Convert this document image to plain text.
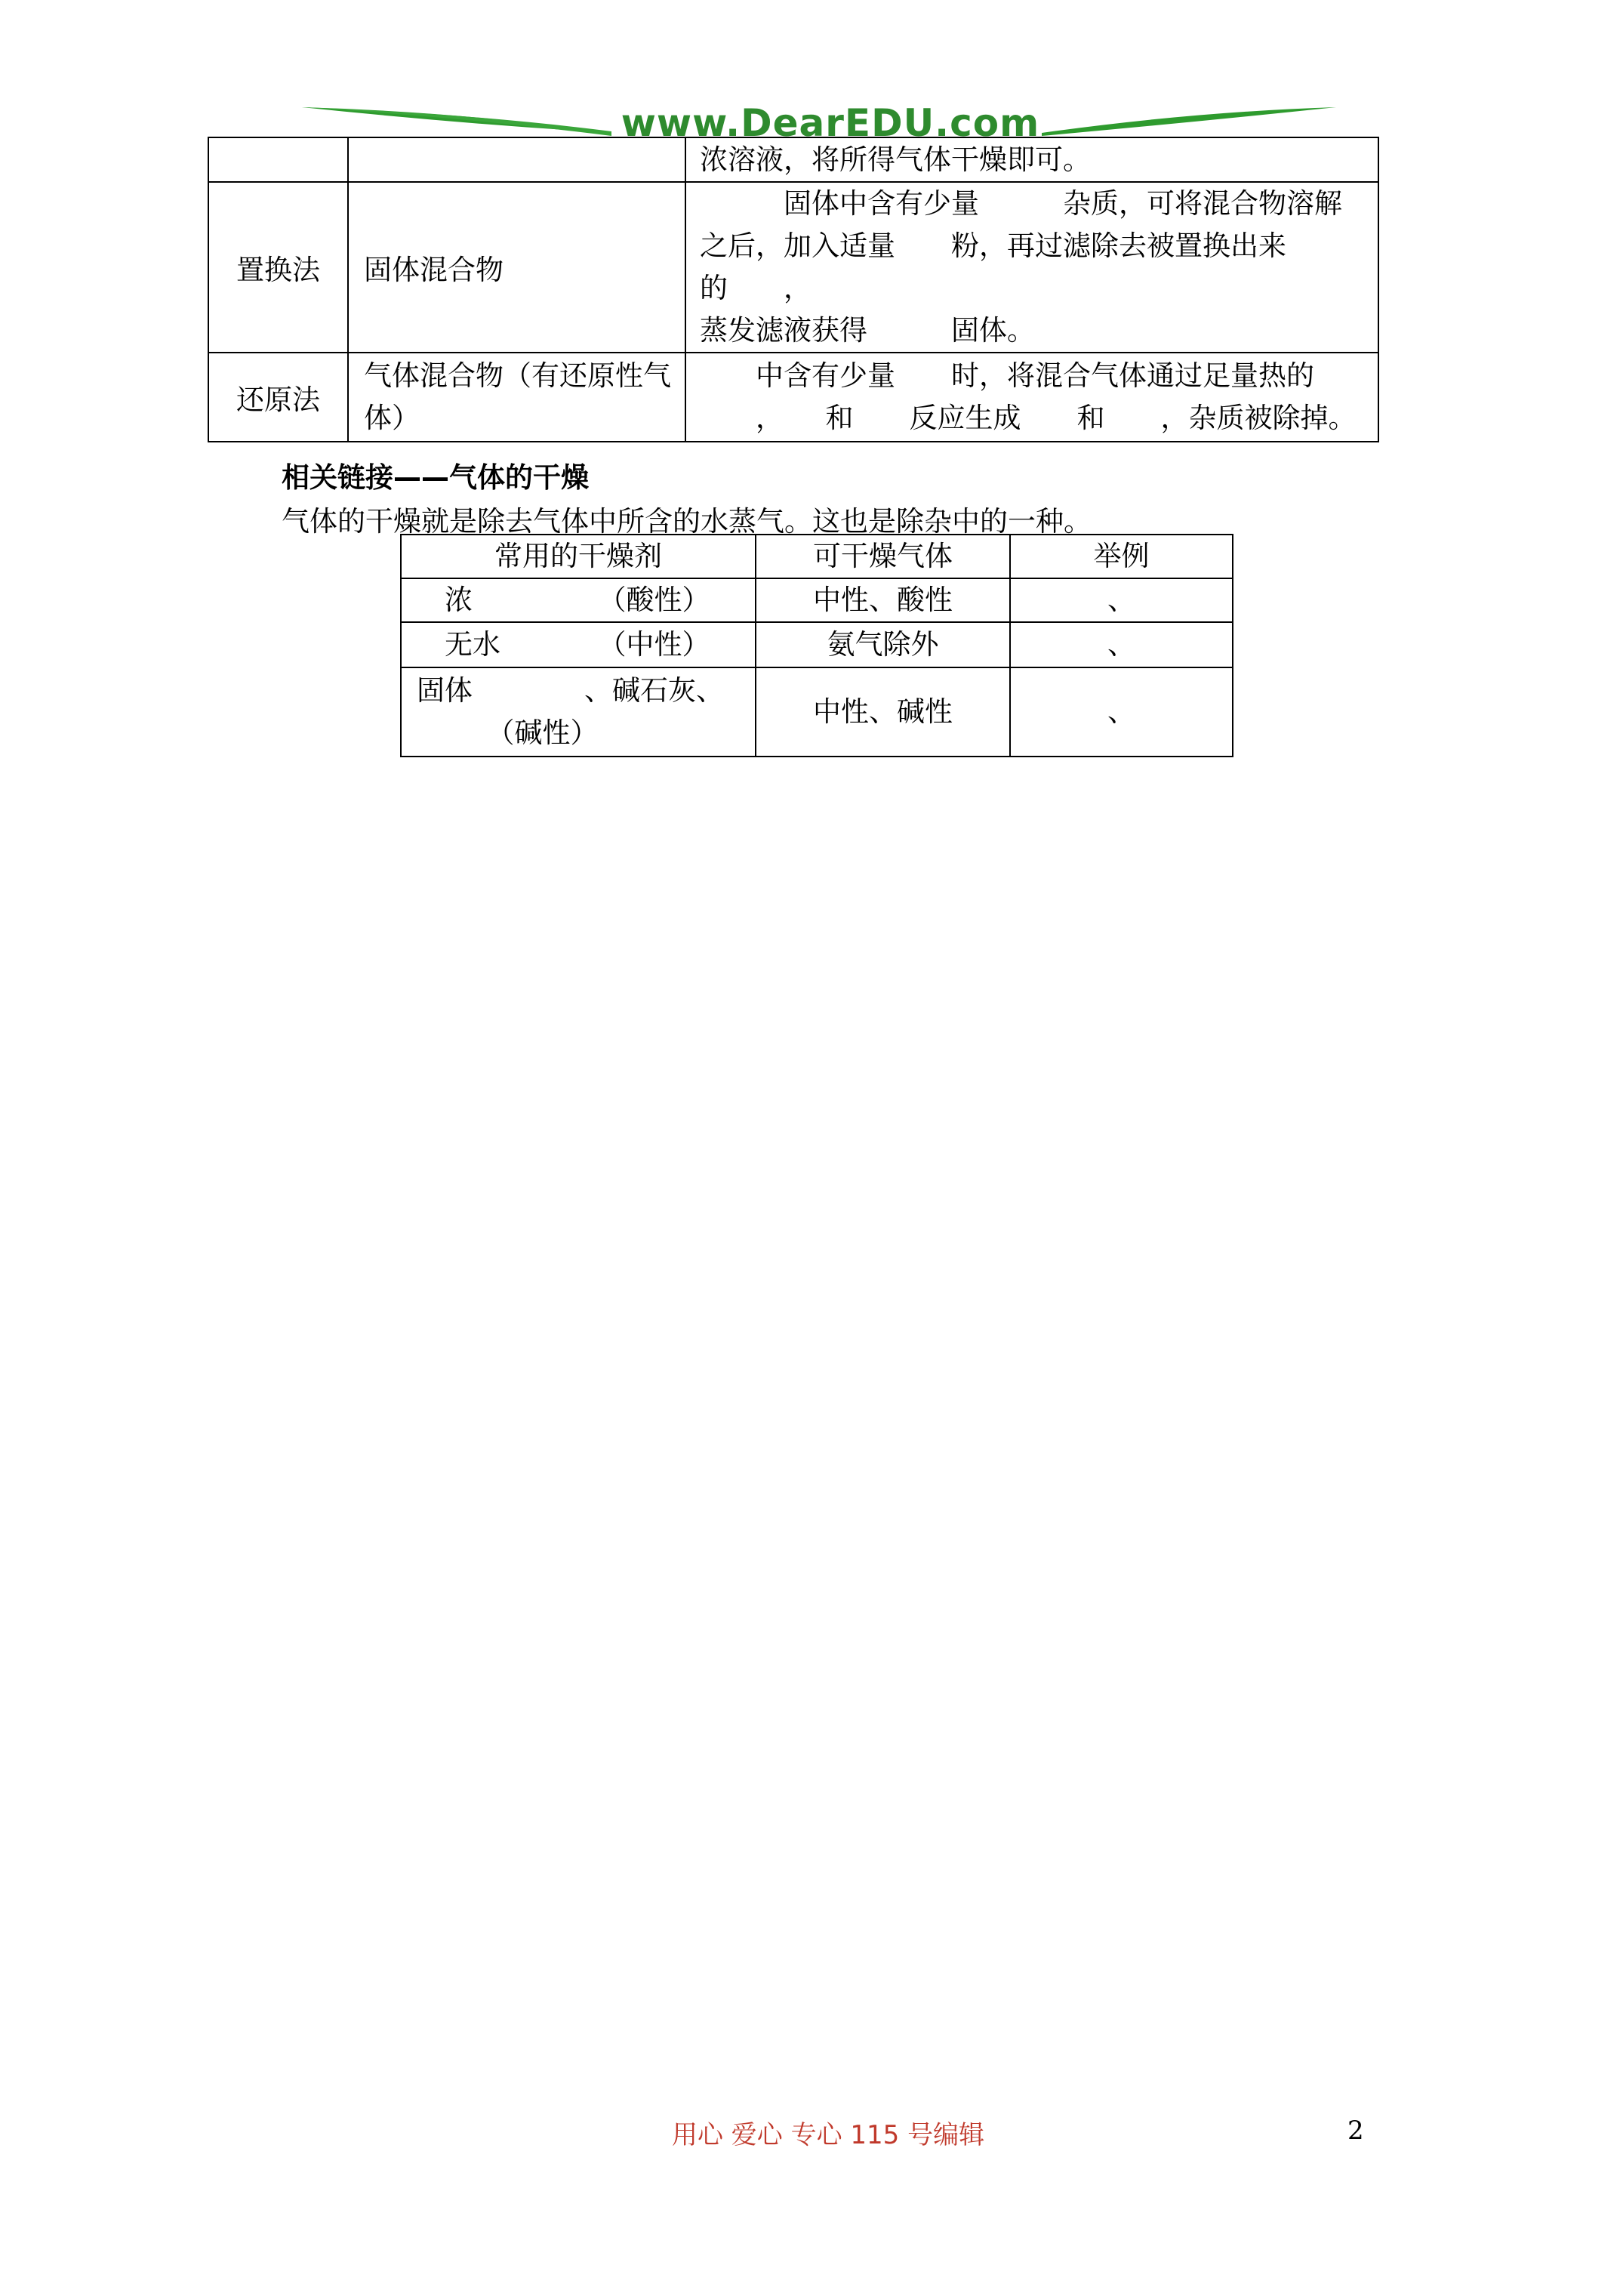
www.DearEDU.com
		浓溶液，将所得气体干燥即可。
置换法	固体混合物	　　　固体中含有少量　　　杂质，可将混合物溶解
之后，加入适量　　粉，再过滤除去被置换出来的　　，
蒸发滤液获得　　　固体。

还原法	气体混合物（有还原性气体）	　　中含有少量　　时，将混合气体通过足量热的
　　，　　和　　反应生成　　和　　，杂质被除掉。
相关链接——气体的干燥
气体的干燥就是除去气体中所含的水蒸气。这也是除杂中的一种。
常用的干燥剂	可干燥气体	举例
　浓　　　　　（酸性）	中性、酸性	、
　无水　　　　（中性）	氨气除外	、

固体　　　　、碱石灰、
　　　（碱性）	中性、碱性	、
用心 爱心 专心 115 号编辑	2
